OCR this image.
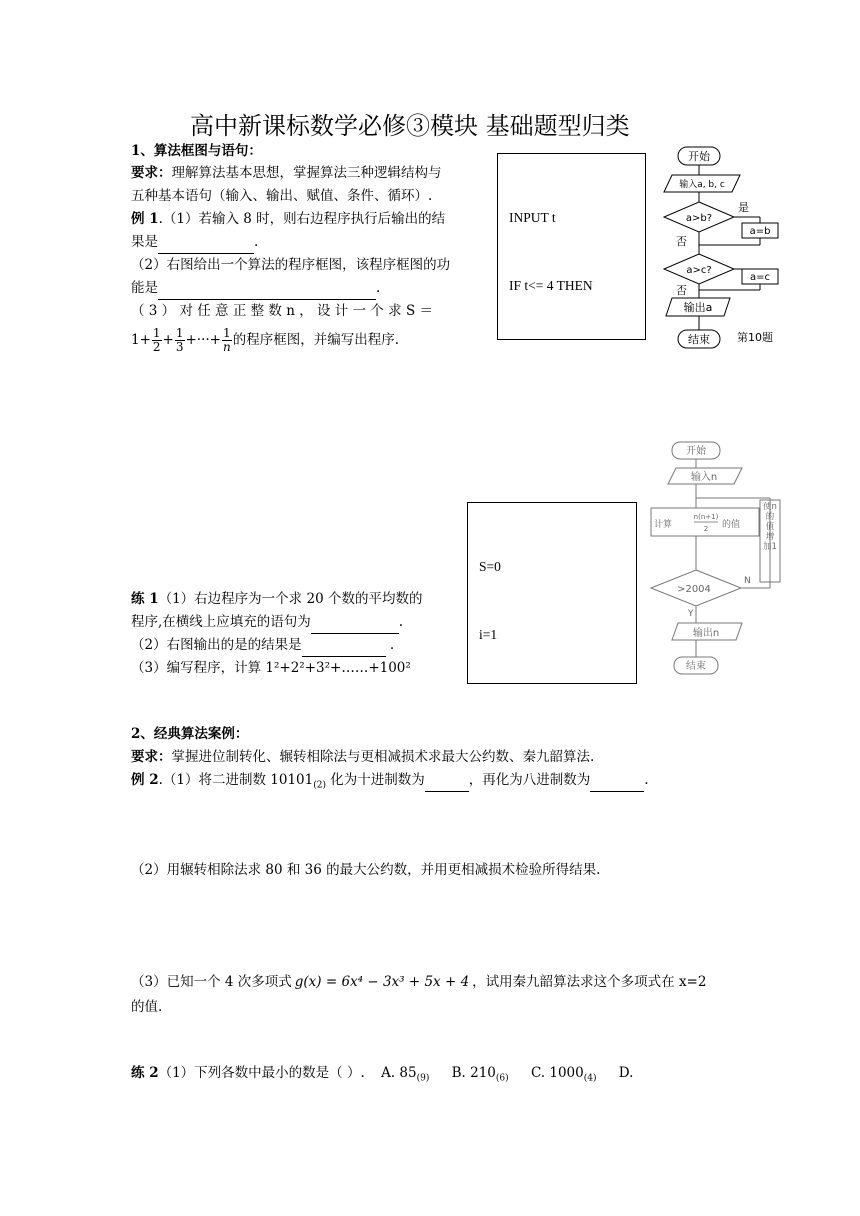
高中新课标数学必修③模块 基础题型归类
1、算法框图与语句：
要求：理解算法基本思想，掌握算法三种逻辑结构与
五种基本语句（输入、输出、赋值、条件、循环）.
例 1.（1）若输入 8 时，则右边程序执行后输出的结
果是	.
（2）右图给出一个算法的程序框图，该程序框图的功
能是	.
（ 3 ） 对 任 意 正 整 数 n ， 设 计 一 个 求 S ＝
$1+ \frac{1}{2} + \frac{1}{3}$ +···+ $\frac{1}{n}$ 的程序框图，并编写出程序.

INPUT t

IF t<= 4 THEN

开始
输入a, b, c
a>b?
是
a=b
否
a>c?
a=c
否
输出a
结束 第10题

S=0

i=1

开始
输入n
计算
n(n+1)
2 的值
>2004
N
Y
输出n
结束
使n的值增加1
练 1（1）右边程序为一个求 20 个数的平均数的
程序,在横线上应填充的语句为	.
（2）右图输出的是的结果是	.
（3）编写程序，计算 1²+2²+3²+……+100²
2、经典算法案例：
要求：掌握进位制转化、辗转相除法与更相减损术求最大公约数、秦九韶算法.
例 2.（1）将二进制数 $10101_{(2)}$ 化为十进制数为	，再化为八进制数为	.
（2）用辗转相除法求 80 和 36 的最大公约数，并用更相减损术检验所得结果.
（3）已知一个 4 次多项式 g(x) = 6x⁴ − 3x³ + 5x + 4 ，试用秦九韶算法求这个多项式在 x=2
的值.
练 2（1）下列各数中最小的数是（ ）. A. $85_{(9)}$ B. $210_{(6)}$ C. $1000_{(4)}$ D.
